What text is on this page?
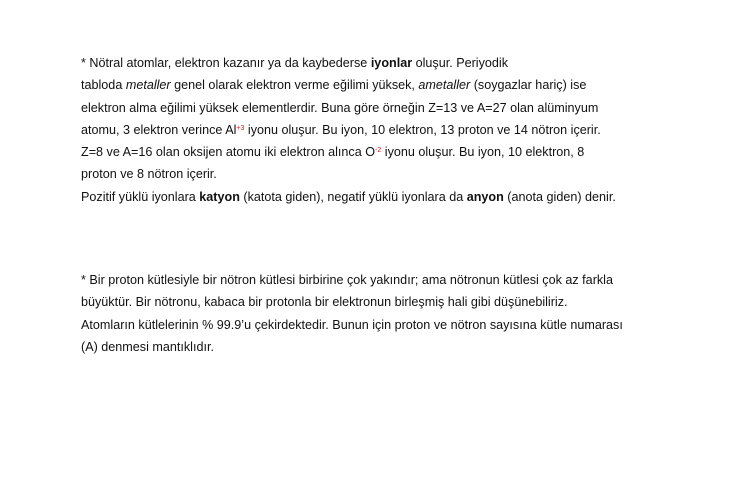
* Nötral atomlar, elektron kazanır ya da kaybederse iyonlar oluşur. Periyodik
tabloda metaller genel olarak elektron verme eğilimi yüksek, ametaller (soygazlar hariç) ise
elektron alma eğilimi yüksek elementlerdir. Buna göre örneğin Z=13 ve A=27 olan alüminyum
atomu, 3 elektron verince $Al^{+3}$ iyonu oluşur. Bu iyon, 10 elektron, 13 proton ve 14 nötron içerir.
Z=8 ve A=16 olan oksijen atomu iki elektron alınca $O^{-2}$ iyonu oluşur. Bu iyon, 10 elektron, 8
proton ve 8 nötron içerir.
Pozitif yüklü iyonlara katyon (katota giden), negatif yüklü iyonlara da anyon (anota giden) denir.
* Bir proton kütlesiyle bir nötron kütlesi birbirine çok yakındır; ama nötronun kütlesi çok az farkla
büyüktür. Bir nötronu, kabaca bir protonla bir elektronun birleşmiş hali gibi düşünebiliriz.
Atomların kütlelerinin % 99.9’u çekirdektedir. Bunun için proton ve nötron sayısına kütle numarası
(A) denmesi mantıklıdır.
